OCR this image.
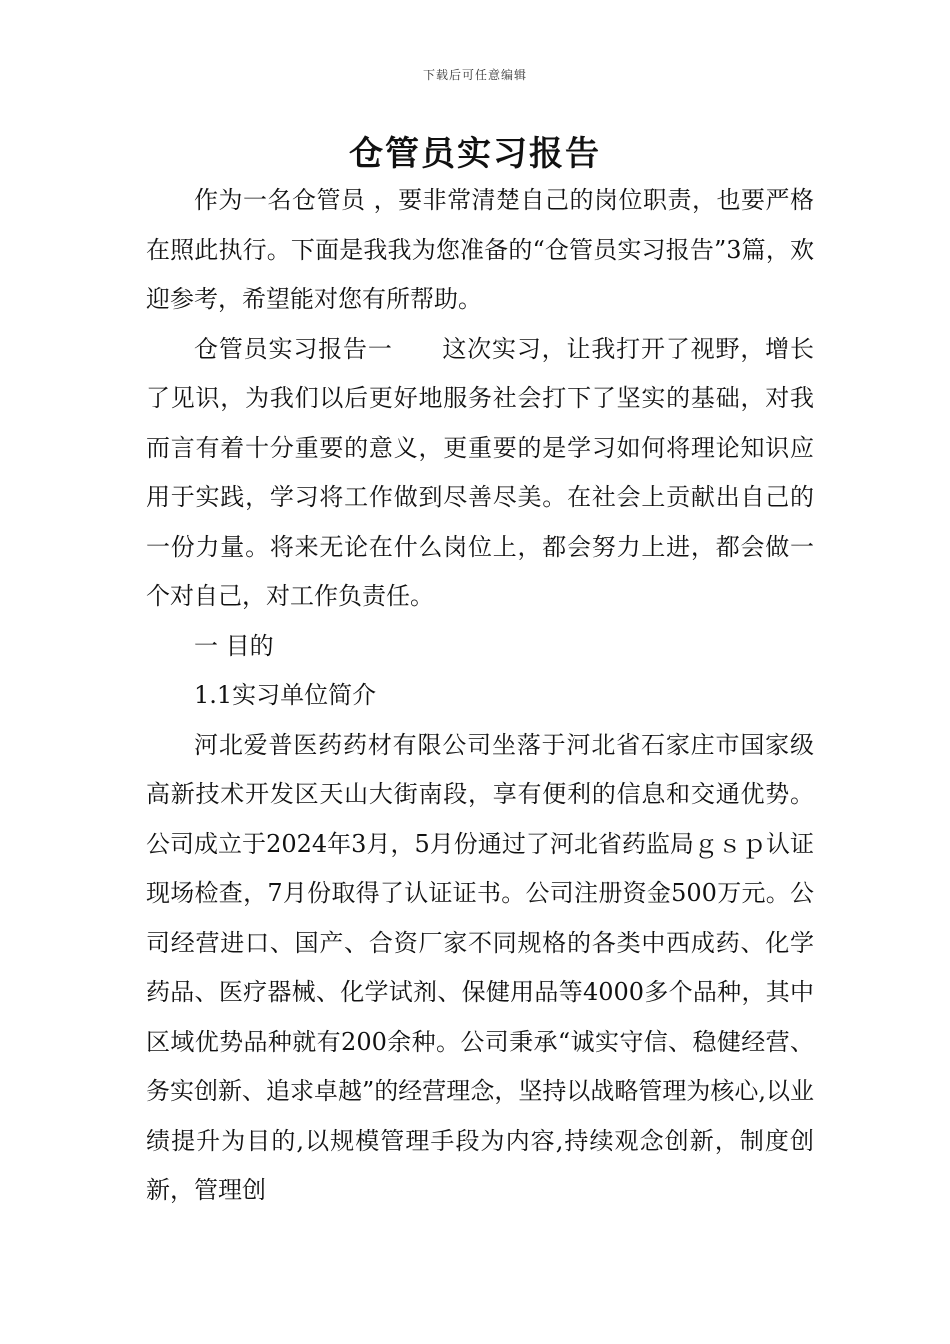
下载后可任意编辑
仓管员实习报告

作为一名仓管员 ，要非常清楚自己的岗位职责，也要严格在照此执行。下面是我我为您准备的“仓管员实习报告”3篇，欢迎参考，希望能对您有所帮助。

仓管员实习报告一　　这次实习，让我打开了视野，增长了见识，为我们以后更好地服务社会打下了坚实的基础，对我而言有着十分重要的意义，更重要的是学习如何将理论知识应用于实践，学习将工作做到尽善尽美。在社会上贡献出自己的一份力量。将来无论在什么岗位上，都会努力上进，都会做一个对自己，对工作负责任。

一 目的

1.1实习单位简介

河北爱普医药药材有限公司坐落于河北省石家庄市国家级高新技术开发区天山大街南段，享有便利的信息和交通优势。公司成立于2024年3月，5月份通过了河北省药监局ｇｓｐ认证现场检查，7月份取得了认证证书。公司注册资金500万元。公司经营进口、国产、合资厂家不同规格的各类中西成药、化学药品、医疗器械、化学试剂、保健用品等4000多个品种，其中区域优势品种就有200余种。公司秉承“诚实守信、稳健经营、务实创新、追求卓越”的经营理念，坚持以战略管理为核心,以业绩提升为目的,以规模管理手段为内容,持续观念创新，制度创新，管理创
